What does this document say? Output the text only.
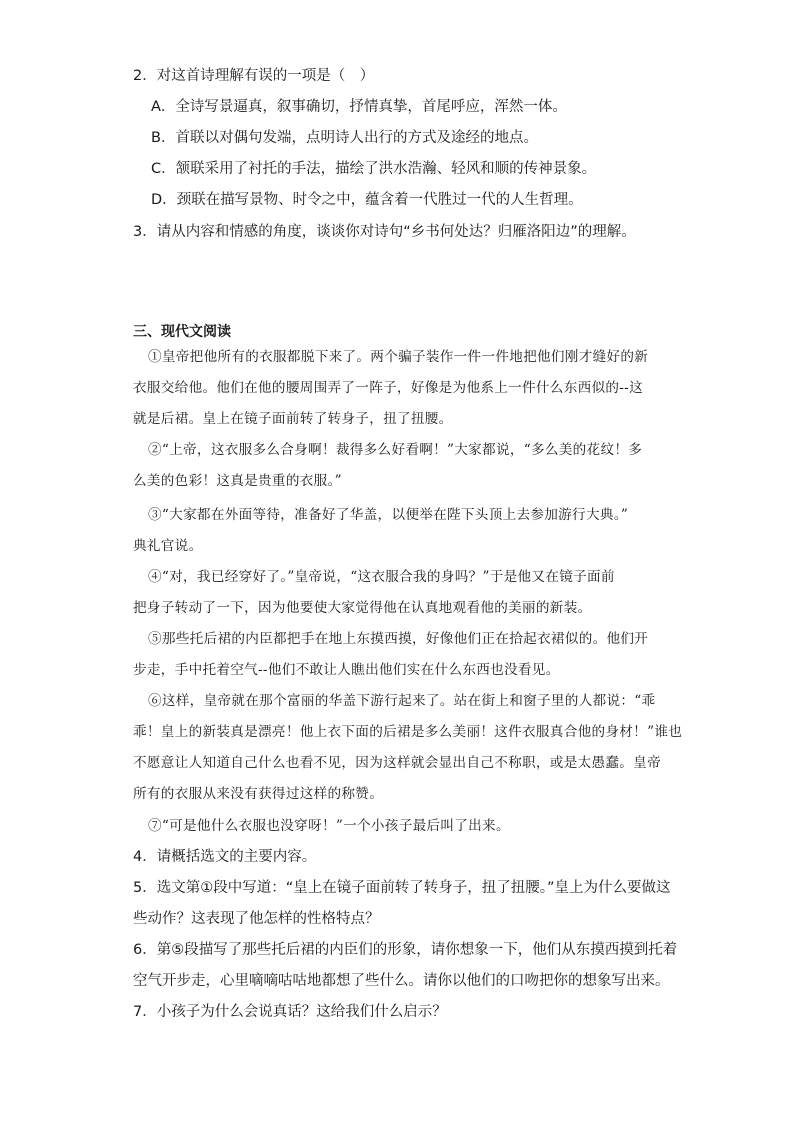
2．对这首诗理解有误的一项是（　）
A．全诗写景逼真，叙事确切，抒情真挚，首尾呼应，浑然一体。
B．首联以对偶句发端，点明诗人出行的方式及途经的地点。
C．颔联采用了衬托的手法，描绘了洪水浩瀚、轻风和顺的传神景象。
D．颈联在描写景物、时令之中，蕴含着一代胜过一代的人生哲理。
3．请从内容和情感的角度，谈谈你对诗句“乡书何处达？归雁洛阳边”的理解。
三、现代文阅读
①皇帝把他所有的衣服都脱下来了。两个骗子装作一件一件地把他们刚才缝好的新
衣服交给他。他们在他的腰周围弄了一阵子，好像是为他系上一件什么东西似的--这
就是后裙。皇上在镜子面前转了转身子，扭了扭腰。
②“上帝，这衣服多么合身啊！裁得多么好看啊！”大家都说，“多么美的花纹！多
么美的色彩！这真是贵重的衣服。”
③“大家都在外面等待，准备好了华盖，以便举在陛下头顶上去参加游行大典。”
典礼官说。
④“对，我已经穿好了。”皇帝说，“这衣服合我的身吗？”于是他又在镜子面前
把身子转动了一下，因为他要使大家觉得他在认真地观看他的美丽的新装。
⑤那些托后裙的内臣都把手在地上东摸西摸，好像他们正在拾起衣裙似的。他们开
步走，手中托着空气--他们不敢让人瞧出他们实在什么东西也没看见。
⑥这样，皇帝就在那个富丽的华盖下游行起来了。站在街上和窗子里的人都说：“乖
乖！皇上的新装真是漂亮！他上衣下面的后裙是多么美丽！这件衣服真合他的身材！”谁也
不愿意让人知道自己什么也看不见，因为这样就会显出自己不称职，或是太愚蠢。皇帝
所有的衣服从来没有获得过这样的称赞。
⑦“可是他什么衣服也没穿呀！”一个小孩子最后叫了出来。
4．请概括选文的主要内容。
5．选文第①段中写道：“皇上在镜子面前转了转身子，扭了扭腰。”皇上为什么要做这
些动作？这表现了他怎样的性格特点？
6．第⑤段描写了那些托后裙的内臣们的形象，请你想象一下，他们从东摸西摸到托着
空气开步走，心里嘀嘀咕咕地都想了些什么。请你以他们的口吻把你的想象写出来。
7．小孩子为什么会说真话？这给我们什么启示？
